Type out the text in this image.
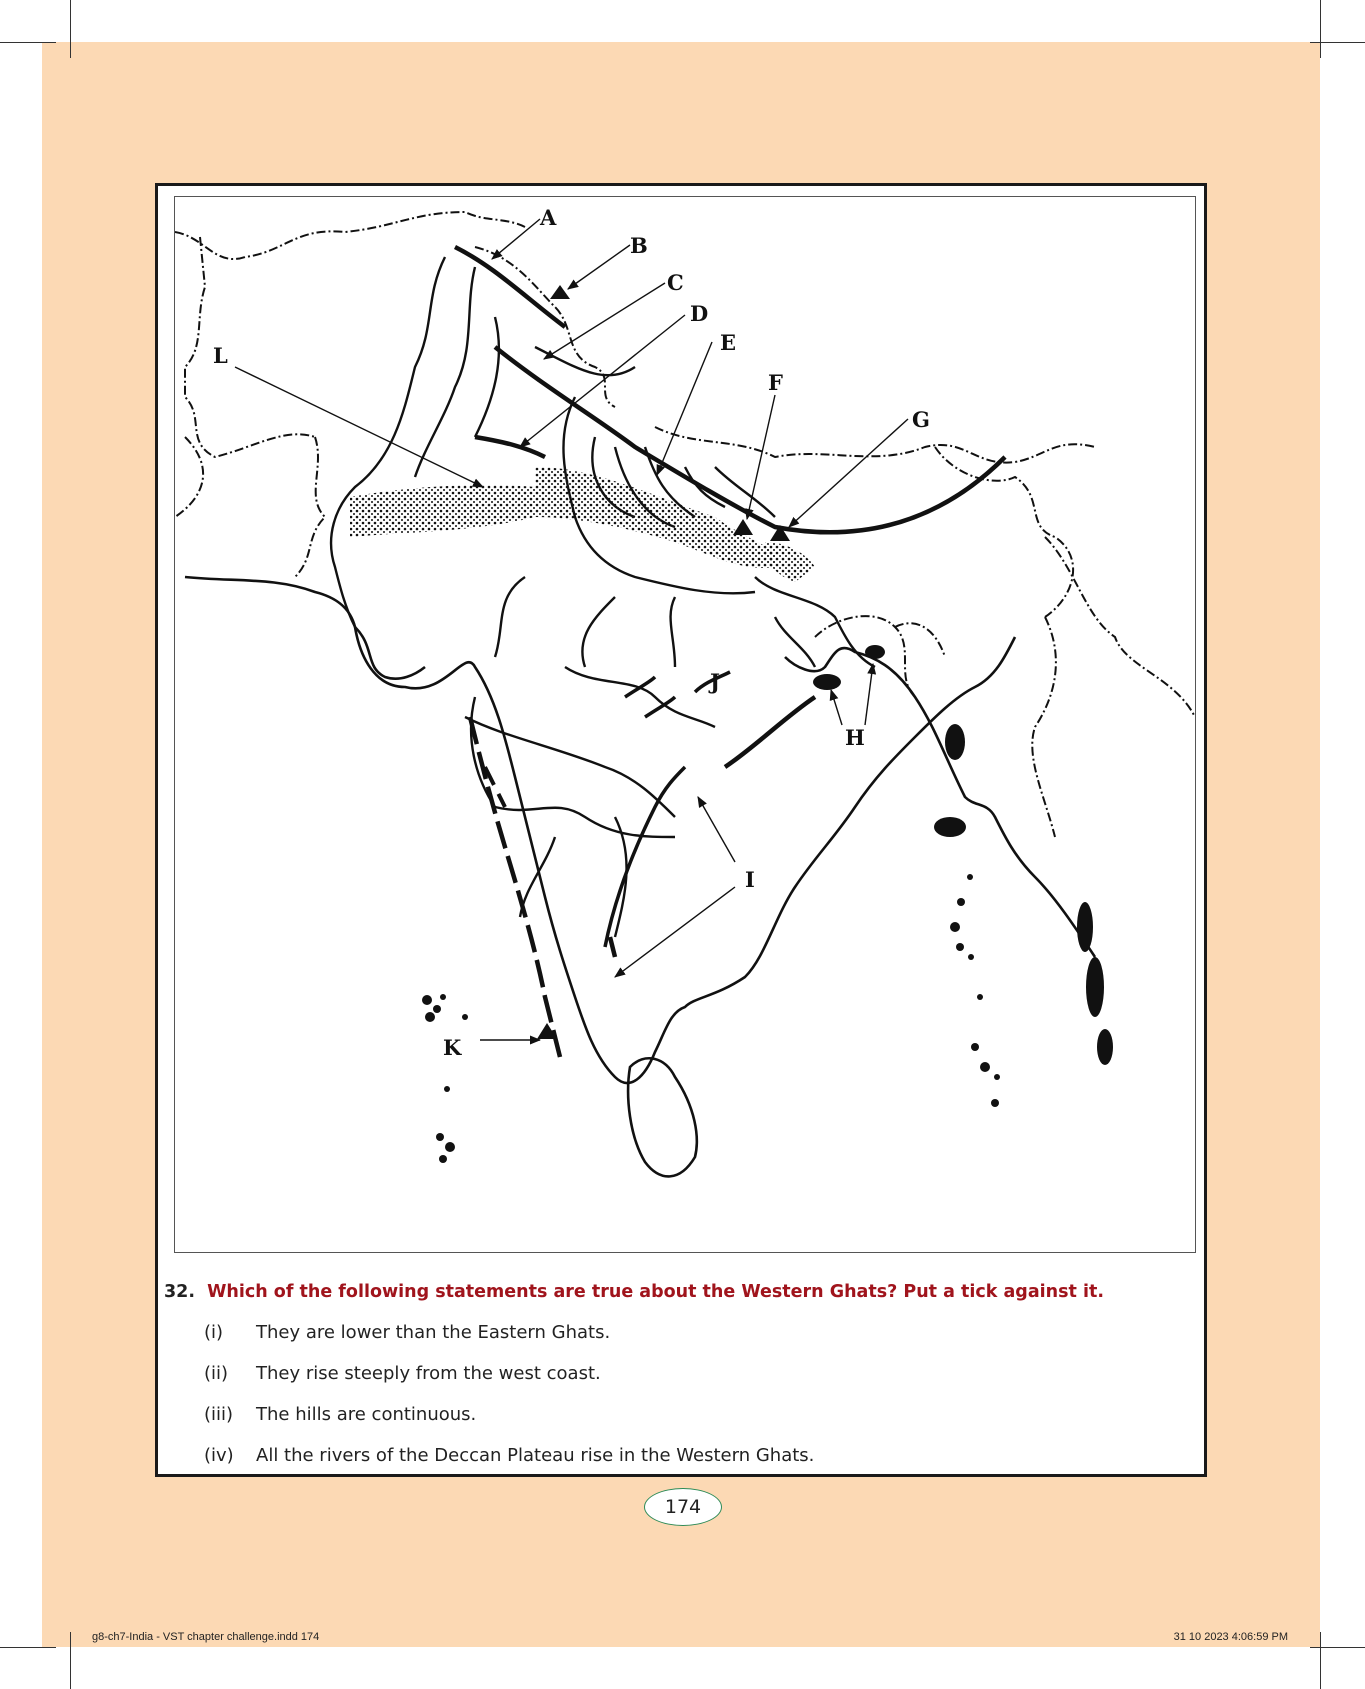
A
B
C
D
E
F
G
H
I
J
K
L
32. Which of the following statements are true about the Western Ghats? Put a tick against it.
(i) They are lower than the Eastern Ghats.
(ii) They rise steeply from the west coast.
(iii) The hills are continuous.
(iv) All the rivers of the Deccan Plateau rise in the Western Ghats.
174
g8-ch7-India - VST chapter challenge.indd 174	31 10 2023 4:06:59 PM
